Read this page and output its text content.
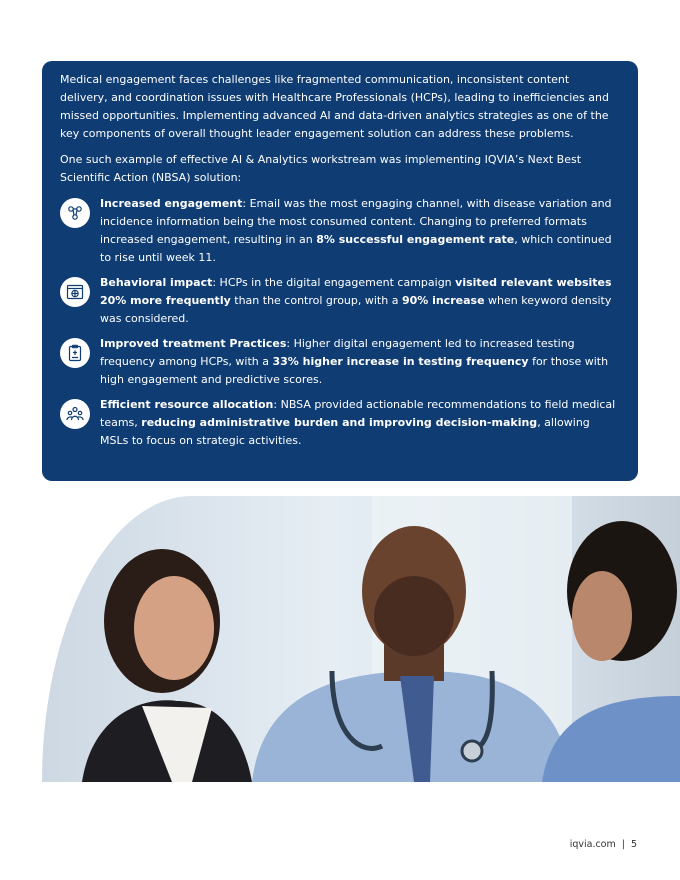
Medical engagement faces challenges like fragmented communication, inconsistent content delivery, and coordination issues with Healthcare Professionals (HCPs), leading to inefficiencies and missed opportunities. Implementing advanced AI and data-driven analytics strategies as one of the key components of overall thought leader engagement solution can address these problems.

One such example of effective AI & Analytics workstream was implementing IQVIA’s Next Best Scientific Action (NBSA) solution:

Increased engagement: Email was the most engaging channel, with disease variation and incidence information being the most consumed content. Changing to preferred formats increased engagement, resulting in an 8% successful engagement rate, which continued to rise until week 11.

Behavioral impact: HCPs in the digital engagement campaign visited relevant websites 20% more frequently than the control group, with a 90% increase when keyword density was considered.

Improved treatment Practices: Higher digital engagement led to increased testing frequency among HCPs, with a 33% higher increase in testing frequency for those with high engagement and predictive scores.

Efficient resource allocation: NBSA provided actionable recommendations to field medical teams, reducing administrative burden and improving decision-making, allowing MSLs to focus on strategic activities.

iqvia.com | 5
